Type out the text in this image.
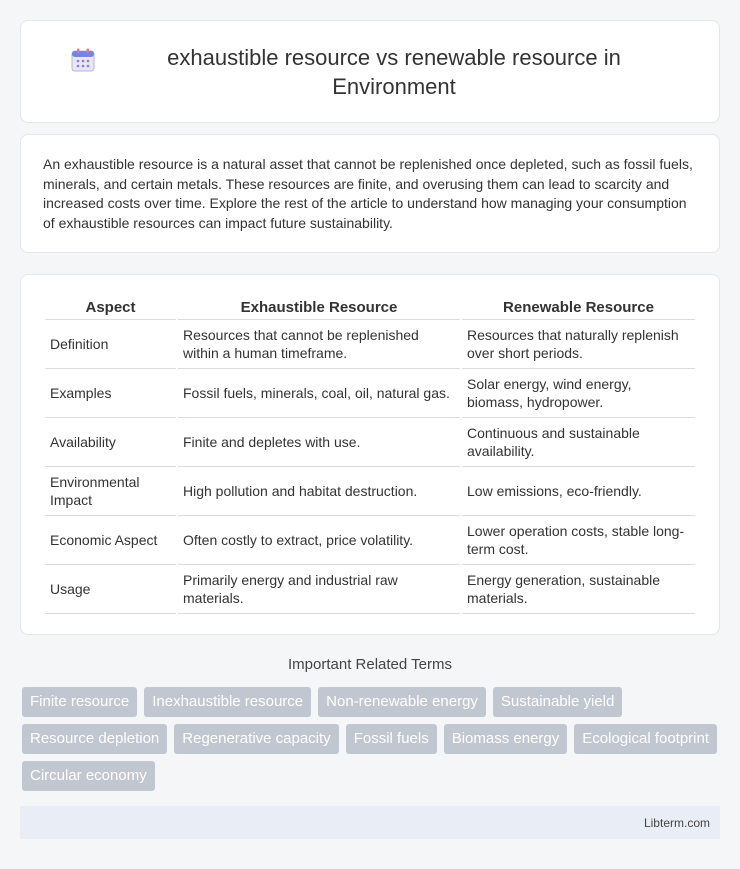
exhaustible resource vs renewable resource in Environment

An exhaustible resource is a natural asset that cannot be replenished once depleted, such as fossil fuels, minerals, and certain metals. These resources are finite, and overusing them can lead to scarcity and increased costs over time. Explore the rest of the article to understand how managing your consumption of exhaustible resources can impact future sustainability.

Aspect	Exhaustible Resource	Renewable Resource
Definition	Resources that cannot be replenished within a human timeframe.	Resources that naturally replenish over short periods.
Examples	Fossil fuels, minerals, coal, oil, natural gas.	Solar energy, wind energy, biomass, hydropower.
Availability	Finite and depletes with use.	Continuous and sustainable availability.
Environmental Impact	High pollution and habitat destruction.	Low emissions, eco-friendly.
Economic Aspect	Often costly to extract, price volatility.	Lower operation costs, stable long-term cost.
Usage	Primarily energy and industrial raw materials.	Energy generation, sustainable materials.
Important Related Terms
Finite resource	Inexhaustible resource	Non-renewable energy	Sustainable yield
Resource depletion	Regenerative capacity	Fossil fuels	Biomass energy	Ecological footprint
Circular economy
Libterm.com
